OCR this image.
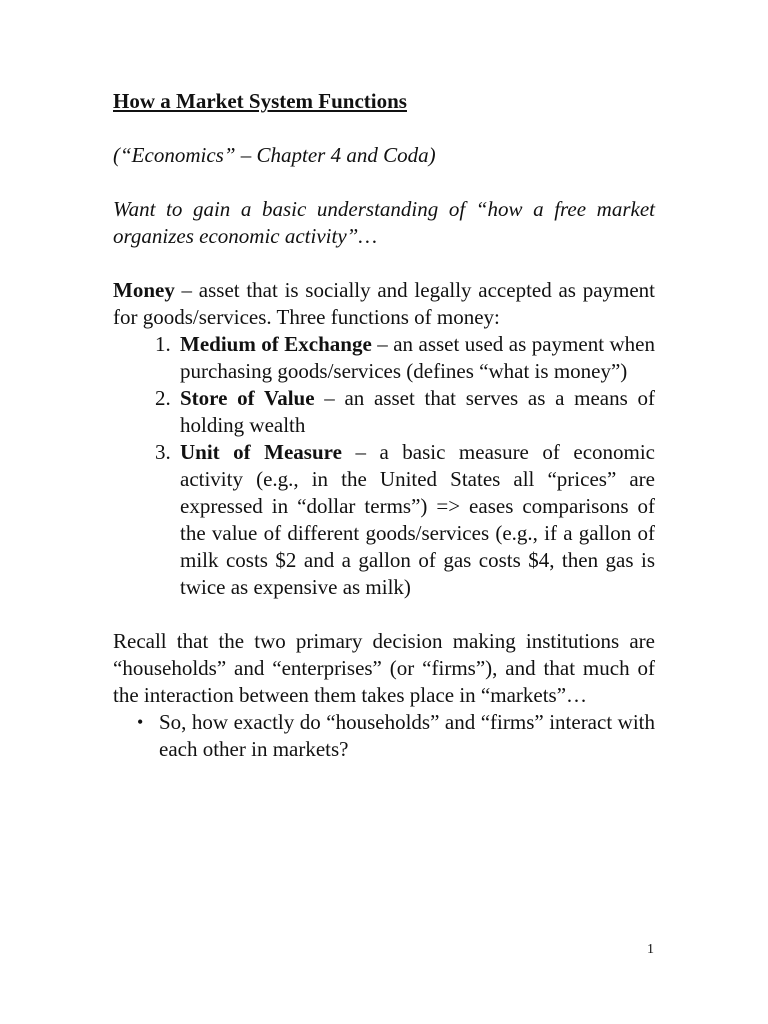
How a Market System Functions

(“Economics” – Chapter 4 and Coda)

Want to gain a basic understanding of “how a free market organizes economic activity”…

Money – asset that is socially and legally accepted as payment for goods/services. Three functions of money:
1. Medium of Exchange – an asset used as payment when purchasing goods/services (defines “what is money”)
2. Store of Value – an asset that serves as a means of holding wealth
3. Unit of Measure – a basic measure of economic activity (e.g., in the United States all “prices” are expressed in “dollar terms”) => eases comparisons of the value of different goods/services (e.g., if a gallon of milk costs $2 and a gallon of gas costs $4, then gas is twice as expensive as milk)
Recall that the two primary decision making institutions are “households” and “enterprises” (or “firms”), and that much of the interaction between them takes place in “markets”…
• So, how exactly do “households” and “firms” interact with each other in markets?
1
